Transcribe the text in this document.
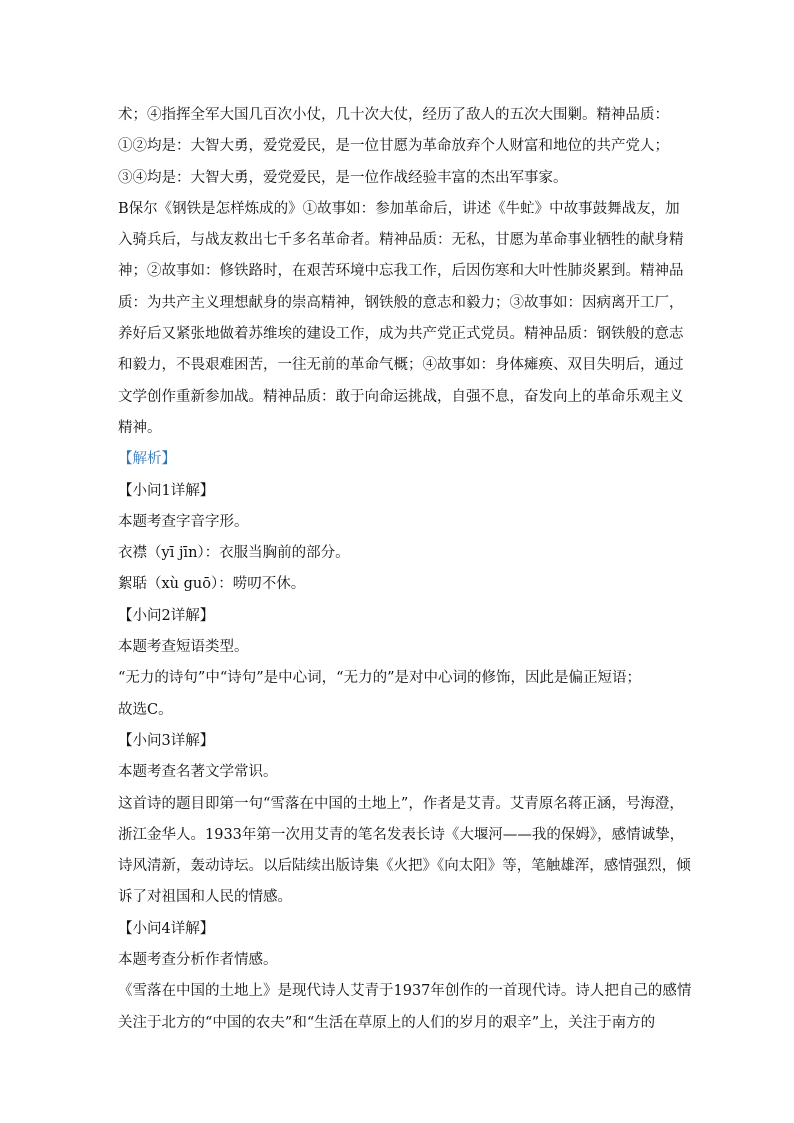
术；④指挥全军大国几百次小仗，几十次大仗，经历了敌人的五次大围剿。精神品质：
①②均是：大智大勇，爱党爱民，是一位甘愿为革命放弃个人财富和地位的共产党人；
③④均是：大智大勇，爱党爱民，是一位作战经验丰富的杰出军事家。
B保尔《钢铁是怎样炼成的》①故事如：参加革命后，讲述《牛虻》中故事鼓舞战友，加
入骑兵后，与战友救出七千多名革命者。精神品质：无私，甘愿为革命事业牺牲的献身精
神；②故事如：修铁路时，在艰苦环境中忘我工作，后因伤寒和大叶性肺炎累到。精神品
质：为共产主义理想献身的崇高精神，钢铁般的意志和毅力；③故事如：因病离开工厂，
养好后又紧张地做着苏维埃的建设工作，成为共产党正式党员。精神品质：钢铁般的意志
和毅力，不畏艰难困苦，一往无前的革命气概；④故事如：身体瘫痪、双目失明后，通过
文学创作重新参加战。精神品质：敢于向命运挑战，自强不息，奋发向上的革命乐观主义
精神。
【解析】
【小问1详解】
本题考查字音字形。
衣襟（yī jīn）：衣服当胸前的部分。
絮聒（xù guō）：唠叨不休。
【小问2详解】
本题考查短语类型。
“无力的诗句”中“诗句”是中心词，“无力的”是对中心词的修饰，因此是偏正短语；
故选C。
【小问3详解】
本题考查名著文学常识。
这首诗的题目即第一句“雪落在中国的土地上”，作者是艾青。艾青原名蒋正涵，号海澄，
浙江金华人。1933年第一次用艾青的笔名发表长诗《大堰河——我的保姆》，感情诚挚，
诗风清新，轰动诗坛。以后陆续出版诗集《火把》《向太阳》等，笔触雄浑，感情强烈，倾
诉了对祖国和人民的情感。
【小问4详解】
本题考查分析作者情感。
《雪落在中国的土地上》是现代诗人艾青于1937年创作的一首现代诗。诗人把自己的感情
关注于北方的“中国的农夫”和“生活在草原上的人们的岁月的艰辛”上，关注于南方的
